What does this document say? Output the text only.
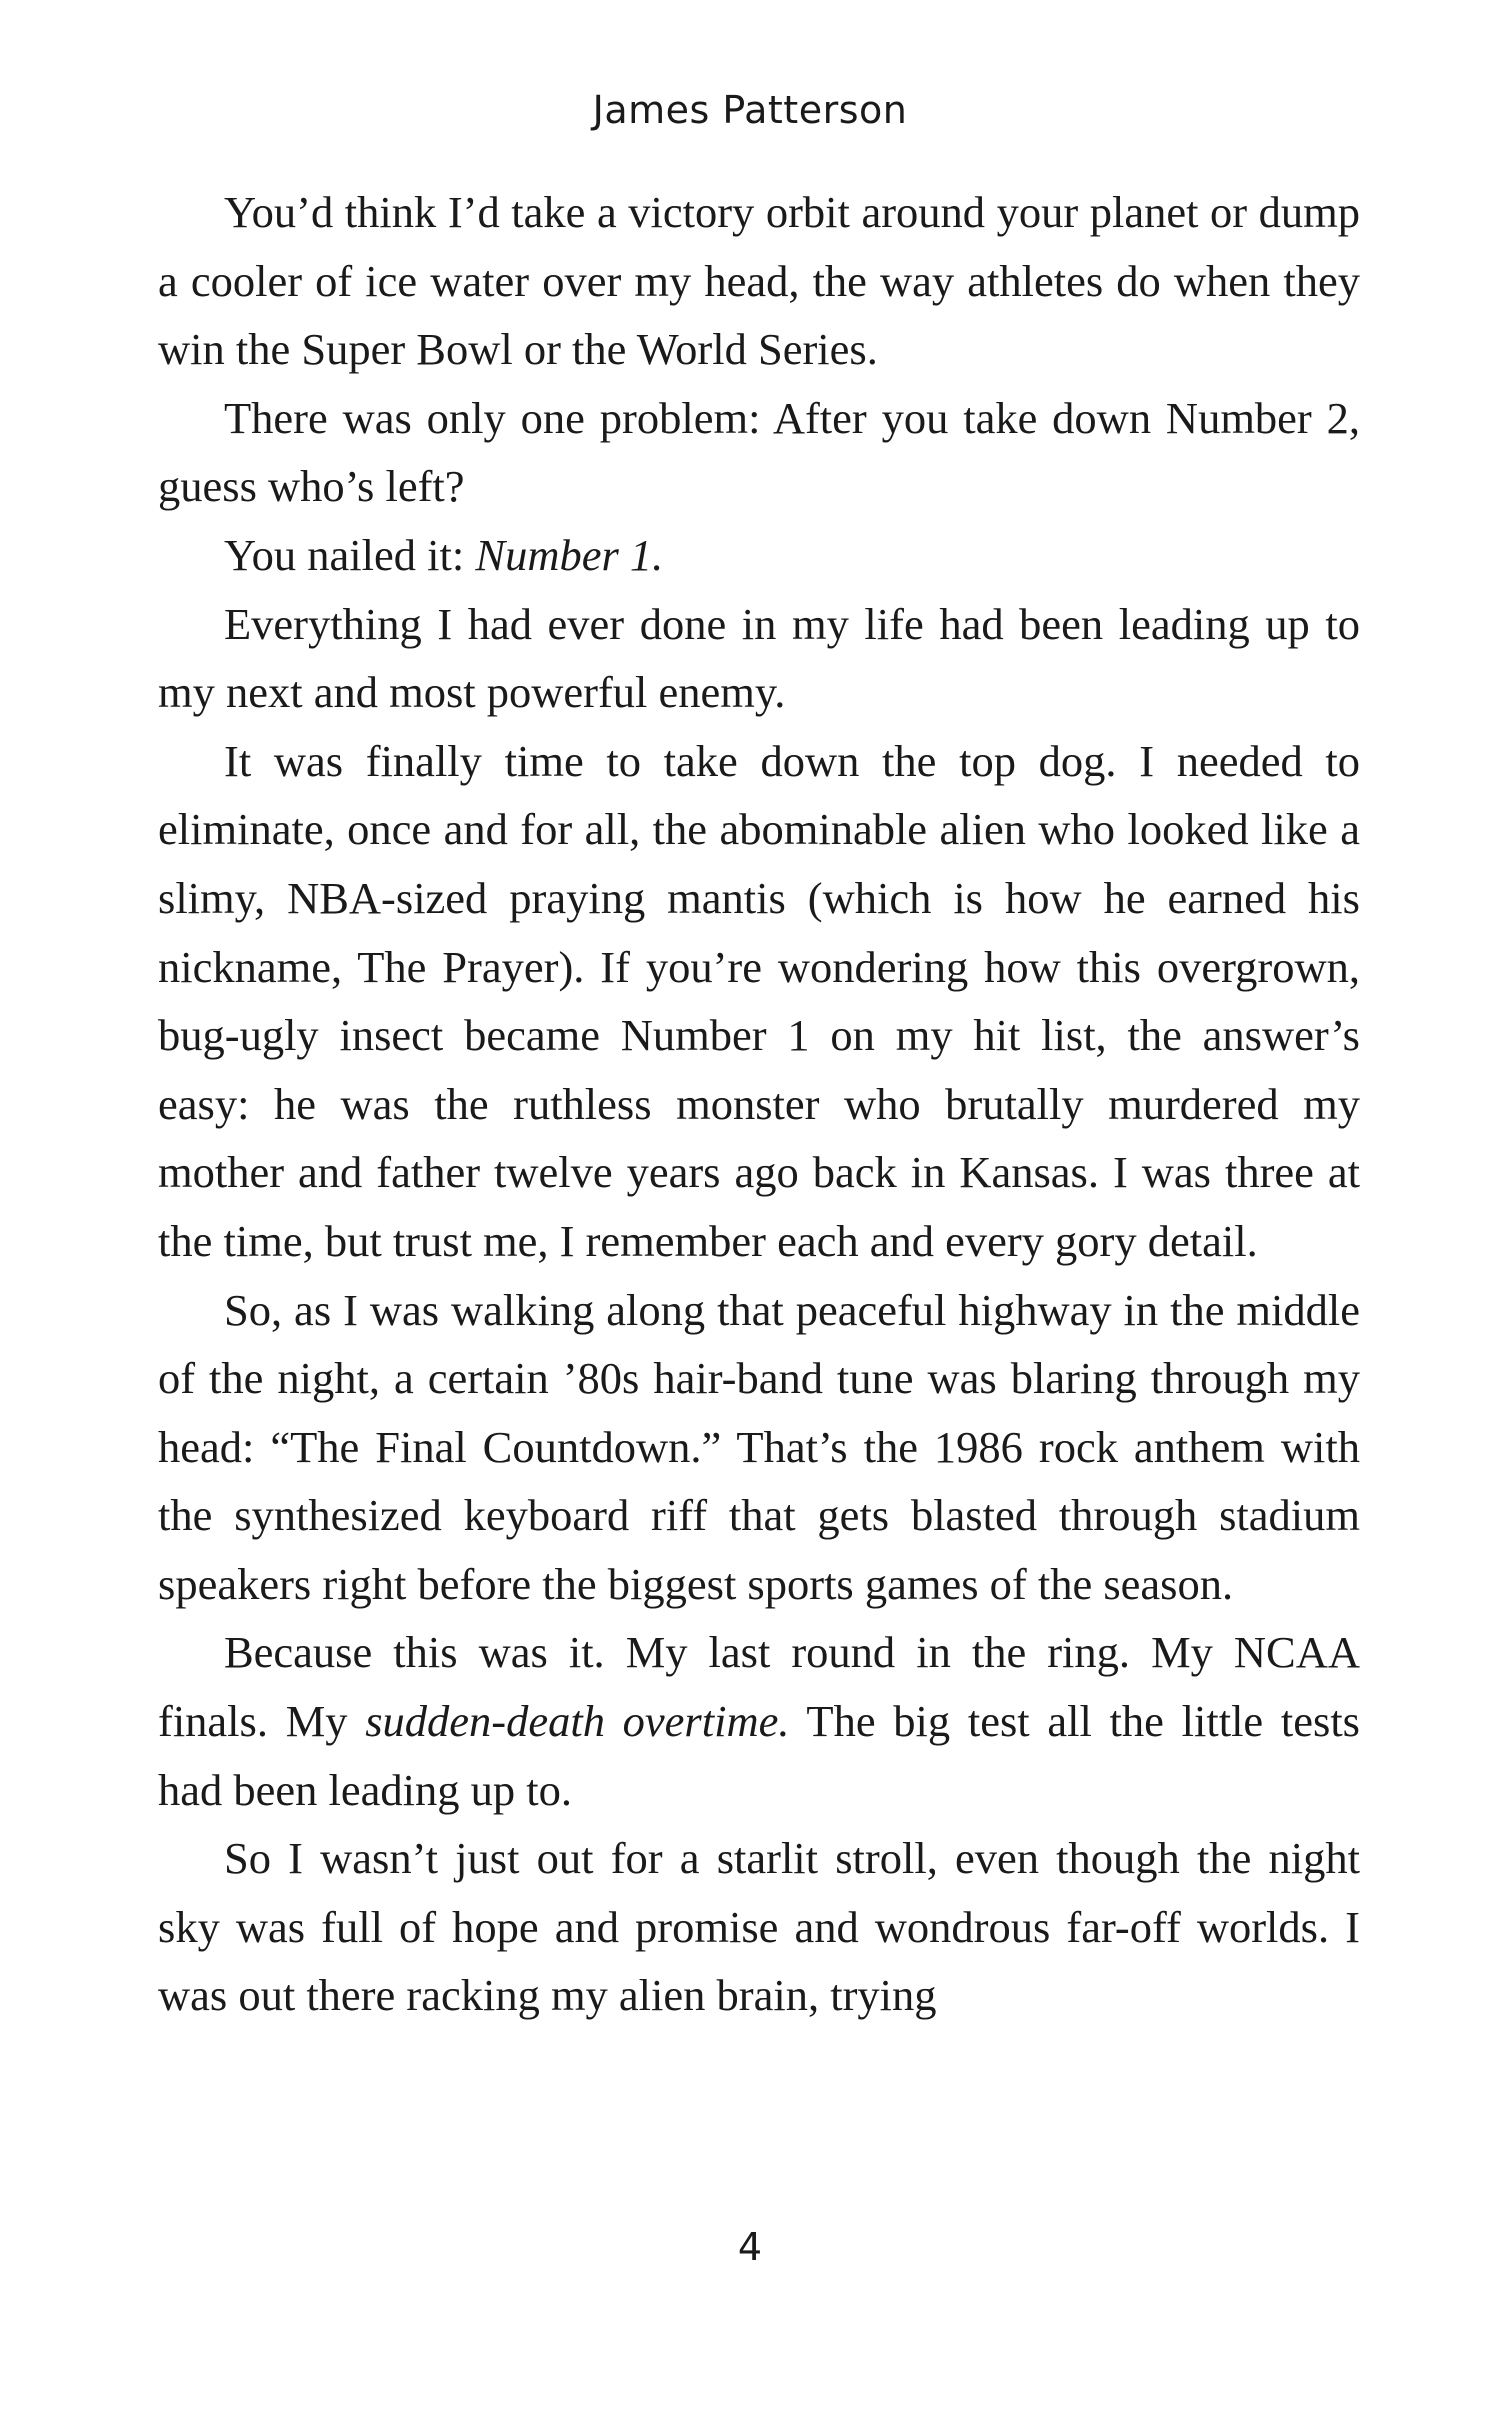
James Patterson

You’d think I’d take a victory orbit around your planet or dump a cooler of ice water over my head, the way athletes do when they win the Super Bowl or the World Series.

There was only one problem: After you take down Number 2, guess who’s left?

You nailed it: Number 1.

Everything I had ever done in my life had been leading up to my next and most powerful enemy.

It was finally time to take down the top dog. I needed to eliminate, once and for all, the abominable alien who looked like a slimy, NBA-sized praying mantis (which is how he earned his nickname, The Prayer). If you’re wondering how this overgrown, bug-ugly insect became Number 1 on my hit list, the answer’s easy: he was the ruthless monster who brutally murdered my mother and father twelve years ago back in Kansas. I was three at the time, but trust me, I remember each and every gory detail.

So, as I was walking along that peaceful highway in the middle of the night, a certain ’80s hair-band tune was blaring through my head: “The Final Countdown.” That’s the 1986 rock anthem with the synthesized keyboard riff that gets blasted through stadium speakers right before the biggest sports games of the season.

Because this was it. My last round in the ring. My NCAA finals. My sudden-death overtime. The big test all the little tests had been leading up to.

So I wasn’t just out for a starlit stroll, even though the night sky was full of hope and promise and wondrous far-off worlds. I was out there racking my alien brain, trying

4
